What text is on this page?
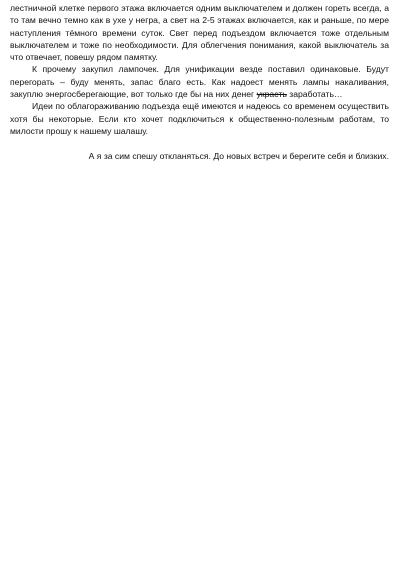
лестничной клетке первого этажа включается одним выключателем и должен гореть всегда, а то там вечно темно как в ухе у негра, а свет на 2-5 этажах включается, как и раньше, по мере наступления тёмного времени суток. Свет перед подъездом включается тоже отдельным выключателем и тоже по необходимости. Для облегчения понимания, какой выключатель за что отвечает, повешу рядом памятку.

К прочему закупил лампочек. Для унификации везде поставил одинаковые. Будут перегорать – буду менять, запас благо есть. Как надоест менять лампы накаливания, закуплю энергосберегающие, вот только где бы на них денег украсть заработать…

Идеи по облагораживанию подъезда ещё имеются и надеюсь со временем осуществить хотя бы некоторые. Если кто хочет подключиться к общественно-полезным работам, то милости прошу к нашему шалашу.

А я за сим спешу откланяться. До новых встреч и берегите себя и близких.
